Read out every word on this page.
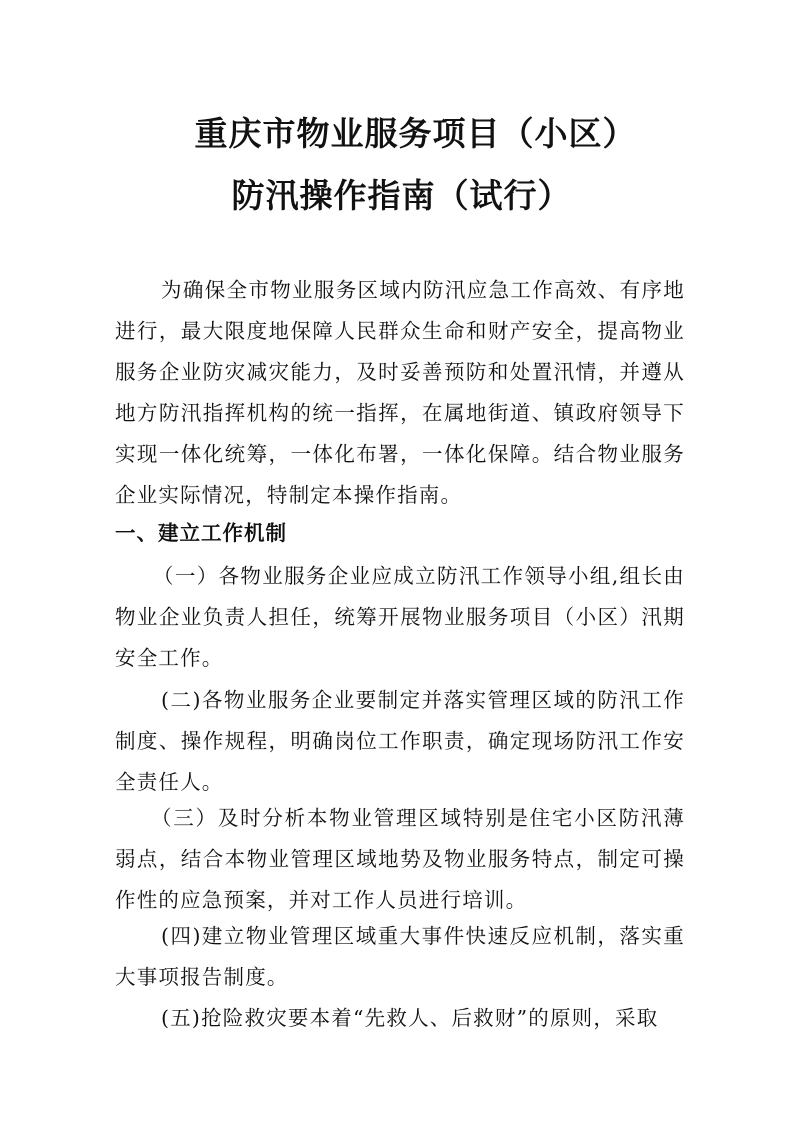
重庆市物业服务项目（小区）
防汛操作指南（试行）

为确保全市物业服务区域内防汛应急工作高效、有序地进行，最大限度地保障人民群众生命和财产安全，提高物业服务企业防灾减灾能力，及时妥善预防和处置汛情，并遵从地方防汛指挥机构的统一指挥，在属地街道、镇政府领导下实现一体化统筹，一体化布署，一体化保障。结合物业服务企业实际情况，特制定本操作指南。

一、建立工作机制

（一）各物业服务企业应成立防汛工作领导小组,组长由物业企业负责人担任，统筹开展物业服务项目（小区）汛期安全工作。

(二)各物业服务企业要制定并落实管理区域的防汛工作制度、操作规程，明确岗位工作职责，确定现场防汛工作安全责任人。

（三）及时分析本物业管理区域特别是住宅小区防汛薄弱点，结合本物业管理区域地势及物业服务特点，制定可操作性的应急预案，并对工作人员进行培训。

(四)建立物业管理区域重大事件快速反应机制，落实重大事项报告制度。

(五)抢险救灾要本着“先救人、后救财”的原则，采取
